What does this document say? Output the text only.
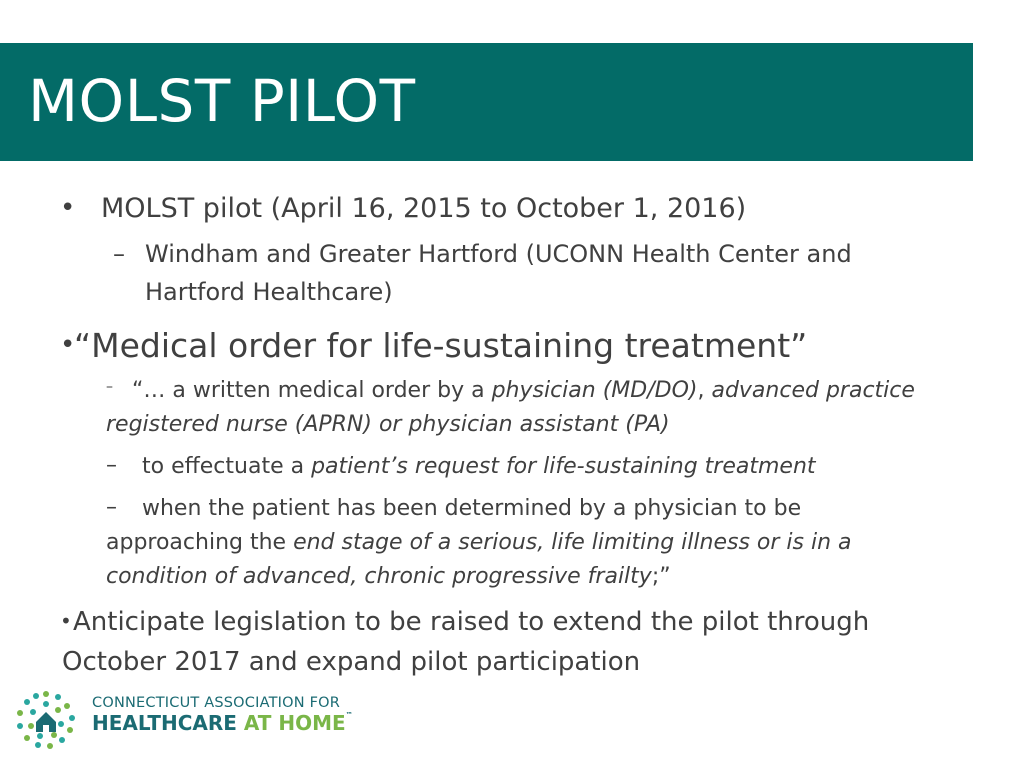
MOLST PILOT
• MOLST pilot (April 16, 2015 to October 1, 2016)
– Windham and Greater Hartford (UCONN Health Center and
Hartford Healthcare)
•
“Medical order for life-sustaining treatment”
– “… a written medical order by a physician (MD/DO), advanced practice
registered nurse (APRN) or physician assistant (PA)
– to effectuate a patient’s request for life-sustaining treatment
– when the patient has been determined by a physician to be
approaching the end stage of a serious, life limiting illness or is in a
condition of advanced, chronic progressive frailty;”
• Anticipate legislation to be raised to extend the pilot through
October 2017 and expand pilot participation
CONNECTICUT ASSOCIATION FOR
HEALTHCARE AT HOME™
